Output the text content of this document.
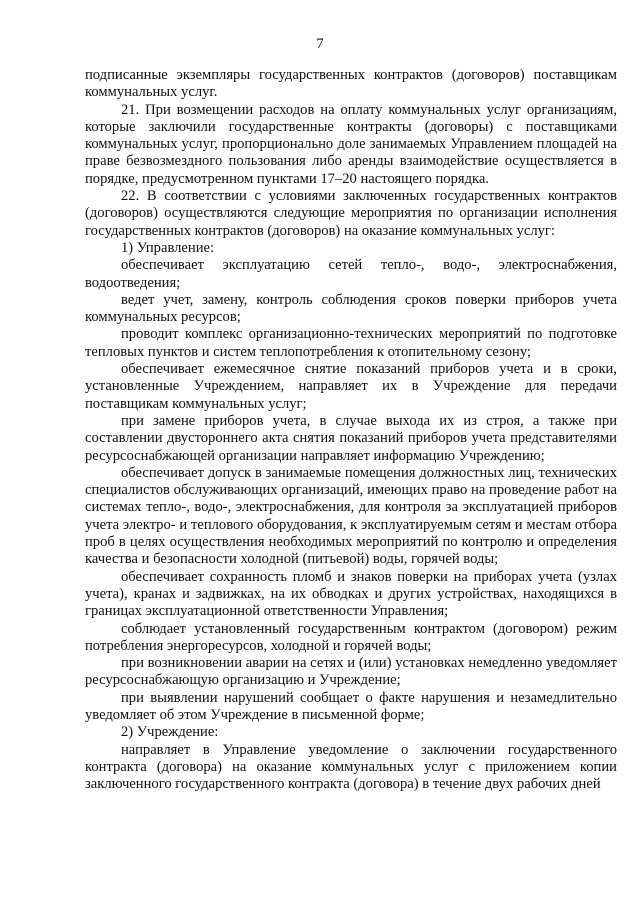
7

подписанные экземпляры государственных контрактов (договоров) поставщикам коммунальных услуг.

21. При возмещении расходов на оплату коммунальных услуг организациям, которые заключили государственные контракты (договоры) с поставщиками коммунальных услуг, пропорционально доле занимаемых Управлением площадей на праве безвозмездного пользования либо аренды взаимодействие осуществляется в порядке, предусмотренном пунктами 17–20 настоящего порядка.

22. В соответствии с условиями заключенных государственных контрактов (договоров) осуществляются следующие мероприятия по организации исполнения государственных контрактов (договоров) на оказание коммунальных услуг:

1) Управление:

обеспечивает эксплуатацию сетей тепло-, водо-, электроснабжения, водоотведения;

ведет учет, замену, контроль соблюдения сроков поверки приборов учета коммунальных ресурсов;

проводит комплекс организационно-технических мероприятий по подготовке тепловых пунктов и систем теплопотребления к отопительному сезону;

обеспечивает ежемесячное снятие показаний приборов учета и в сроки, установленные Учреждением, направляет их в Учреждение для передачи поставщикам коммунальных услуг;

при замене приборов учета, в случае выхода их из строя, а также при составлении двустороннего акта снятия показаний приборов учета представителями ресурсоснабжающей организации направляет информацию Учреждению;

обеспечивает допуск в занимаемые помещения должностных лиц, технических специалистов обслуживающих организаций, имеющих право на проведение работ на системах тепло-, водо-, электроснабжения, для контроля за эксплуатацией приборов учета электро- и теплового оборудования, к эксплуатируемым сетям и местам отбора проб в целях осуществления необходимых мероприятий по контролю и определения качества и безопасности холодной (питьевой) воды, горячей воды;

обеспечивает сохранность пломб и знаков поверки на приборах учета (узлах учета), кранах и задвижках, на их обводках и других устройствах, находящихся в границах эксплуатационной ответственности Управления;

соблюдает установленный государственным контрактом (договором) режим потребления энергоресурсов, холодной и горячей воды;

при возникновении аварии на сетях и (или) установках немедленно уведомляет ресурсоснабжающую организацию и Учреждение;

при выявлении нарушений сообщает о факте нарушения и незамедлительно уведомляет об этом Учреждение в письменной форме;

2) Учреждение:

направляет в Управление уведомление о заключении государственного контракта (договора) на оказание коммунальных услуг с приложением копии заключенного государственного контракта (договора) в течение двух рабочих дней
